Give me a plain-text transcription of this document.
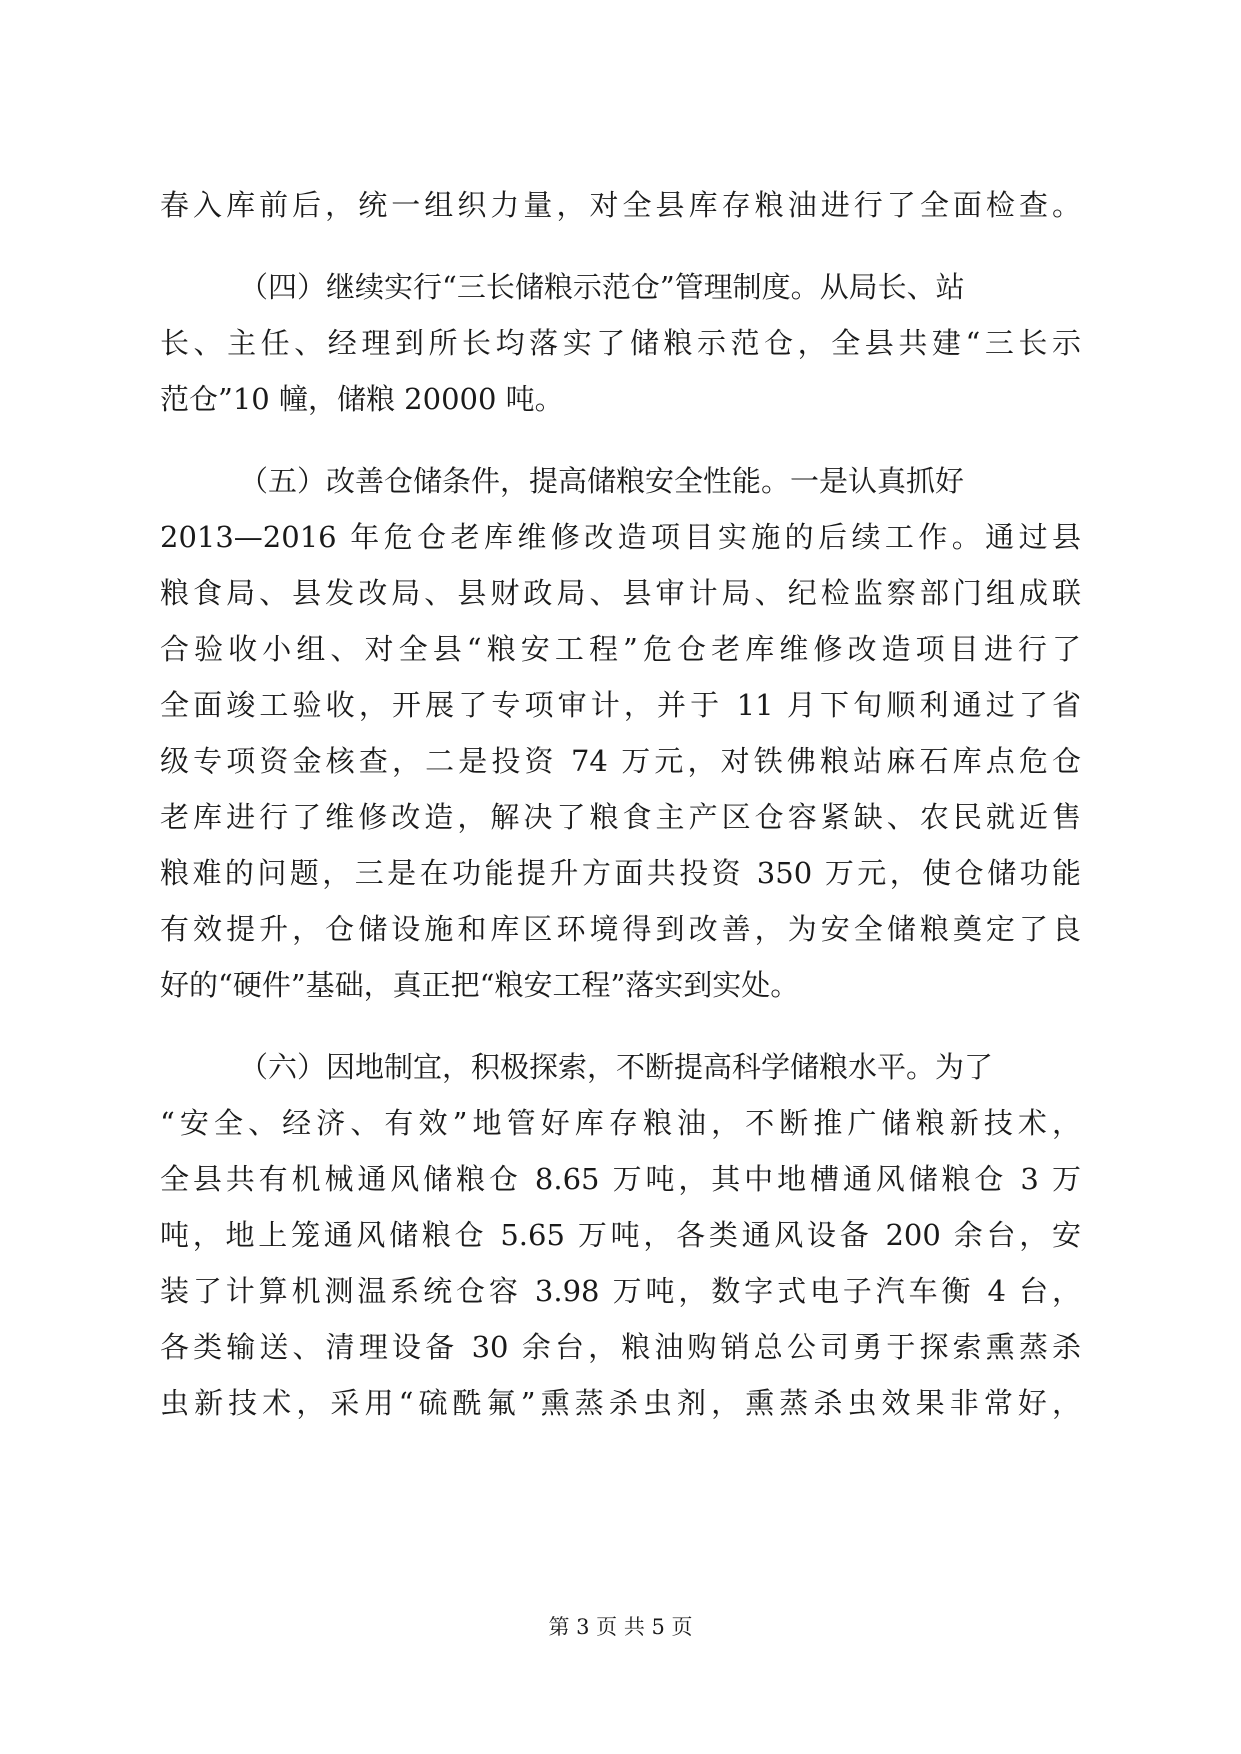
春入库前后，统一组织力量，对全县库存粮油进行了全面检查。
（四）继续实行“三长储粮示范仓”管理制度。从局长、站
长、主任、经理到所长均落实了储粮示范仓，全县共建“三长示
范仓”10 幢，储粮 20000 吨。
（五）改善仓储条件，提高储粮安全性能。一是认真抓好
2013—2016 年危仓老库维修改造项目实施的后续工作。通过县
粮食局、县发改局、县财政局、县审计局、纪检监察部门组成联
合验收小组、对全县“粮安工程”危仓老库维修改造项目进行了
全面竣工验收，开展了专项审计，并于 11 月下旬顺利通过了省
级专项资金核查，二是投资 74 万元，对铁佛粮站麻石库点危仓
老库进行了维修改造，解决了粮食主产区仓容紧缺、农民就近售
粮难的问题，三是在功能提升方面共投资 350 万元，使仓储功能
有效提升，仓储设施和库区环境得到改善，为安全储粮奠定了良
好的“硬件”基础，真正把“粮安工程”落实到实处。
（六）因地制宜，积极探索，不断提高科学储粮水平。为了
“安全、经济、有效”地管好库存粮油，不断推广储粮新技术，
全县共有机械通风储粮仓 8.65 万吨，其中地槽通风储粮仓 3 万
吨，地上笼通风储粮仓 5.65 万吨，各类通风设备 200 余台，安
装了计算机测温系统仓容 3.98 万吨，数字式电子汽车衡 4 台，
各类输送、清理设备 30 余台，粮油购销总公司勇于探索熏蒸杀
虫新技术，采用“硫酰氟”熏蒸杀虫剂，熏蒸杀虫效果非常好，
第 3 页 共 5 页
